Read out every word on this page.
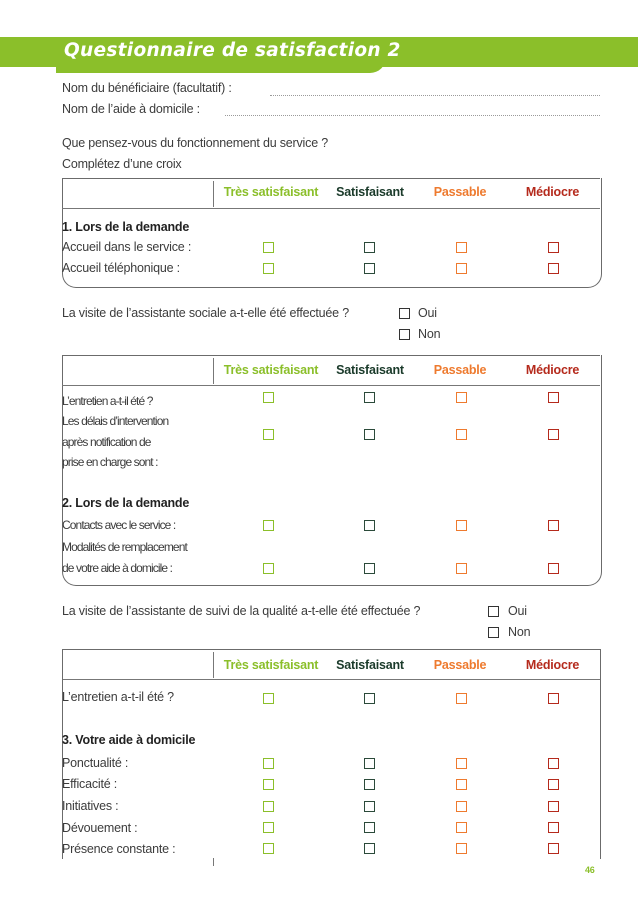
Questionnaire de satisfaction 2
Nom du bénéficiaire (facultatif) :
Nom de l’aide à domicile :
Que pensez-vous du fonctionnement du service ?
Complétez d’une croix
Très satisfaisant	Satisfaisant	Passable	Médiocre
1. Lors de la demande
Accueil dans le service :
Accueil téléphonique :
La visite de l’assistante sociale a-t-elle été effectuée ?	Oui
Non
Très satisfaisant	Satisfaisant	Passable	Médiocre
L’entretien a-t-il été ?
Les délais d’intervention
après notification de
prise en charge sont :
2. Lors de la demande
Contacts avec le service :
Modalités de remplacement
de votre aide à domicile :
La visite de l’assistante de suivi de la qualité a-t-elle été effectuée ?	Oui
Non
Très satisfaisant	Satisfaisant	Passable	Médiocre
L’entretien a-t-il été ?
3. Votre aide à domicile
Ponctualité :
Efficacité :
Initiatives :
Dévouement :
Présence constante :
46
